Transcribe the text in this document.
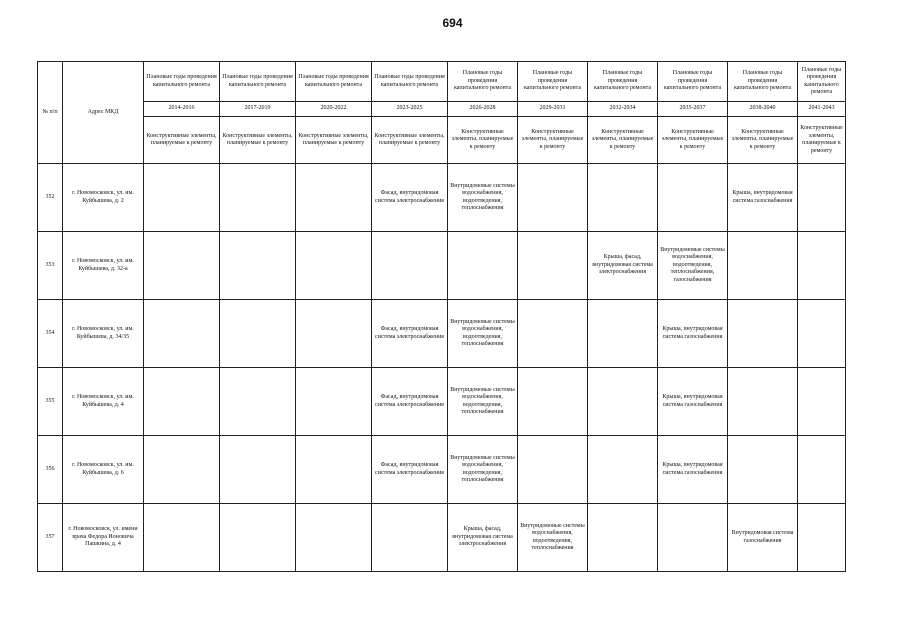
694
№ п/п	Адрес МКД	Плановые годы проведения капитального ремонта	Плановые годы проведения капитального ремонта	Плановые годы проведения капитального ремонта	Плановые годы проведения капитального ремонта	Плановые годы проведения капитального ремонта	Плановые годы проведения капитального ремонта	Плановые годы проведения капитального ремонта	Плановые годы проведения капитального ремонта	Плановые годы проведения капитального ремонта	Плановые годы проведения капитального ремонта
		2014-2016	2017-2019	2020-2022	2023-2025	2026-2028	2029-2031	2032-2034	2035-2037	2038-2040	2041-2043
		Конструктивные элементы, планируемые к ремонту	Конструктивные элементы, планируемые к ремонту	Конструктивные элементы, планируемые к ремонту	Конструктивные элементы, планируемые к ремонту	Конструктивные элементы, планируемые к ремонту	Конструктивные элементы, планируемые к ремонту	Конструктивные элементы, планируемые к ремонту	Конструктивные элементы, планируемые к ремонту	Конструктивные элементы, планируемые к ремонту	Конструктивные элементы, планируемые к ремонту
352	г. Новомосковск, ул. им. Куйбышева, д. 2				Фасад, внутридомовая система электроснабжения	Внутридомовые системы водоснабжения, водоотведения, теплоснабжения				Крыша, внутридомовая система газоснабжения	
353	г. Новомосковск, ул. им. Куйбышева, д. 32-а							Крыша, фасад, внутридомовая система электроснабжения	Внутридомовые системы водоснабжения, водоотведения, теплоснабжения, газоснабжения		
354	г. Новомосковск, ул. им. Куйбышева, д. 34/35				Фасад, внутридомовая система электроснабжения	Внутридомовые системы водоснабжения, водоотведения, теплоснабжения			Крыша, внутридомовая система газоснабжения		
355	г. Новомосковск, ул. им. Куйбышева, д. 4				Фасад, внутридомовая система электроснабжения	Внутридомовые системы водоснабжения, водоотведения, теплоснабжения			Крыша, внутридомовая система газоснабжения		
356	г. Новомосковск, ул. им. Куйбышева, д. 6				Фасад, внутридомовая система электроснабжения	Внутридомовые системы водоснабжения, водоотведения, теплоснабжения			Крыша, внутридомовая система газоснабжения		
357	г. Новомосковск, ул. имени врача Федора Ионовича Пашкина, д. 4					Крыша, фасад, внутридомовая система электроснабжения	Внутридомовые системы водоснабжения, водоотведения, теплоснабжения			Внутридомовая система газоснабжения	
